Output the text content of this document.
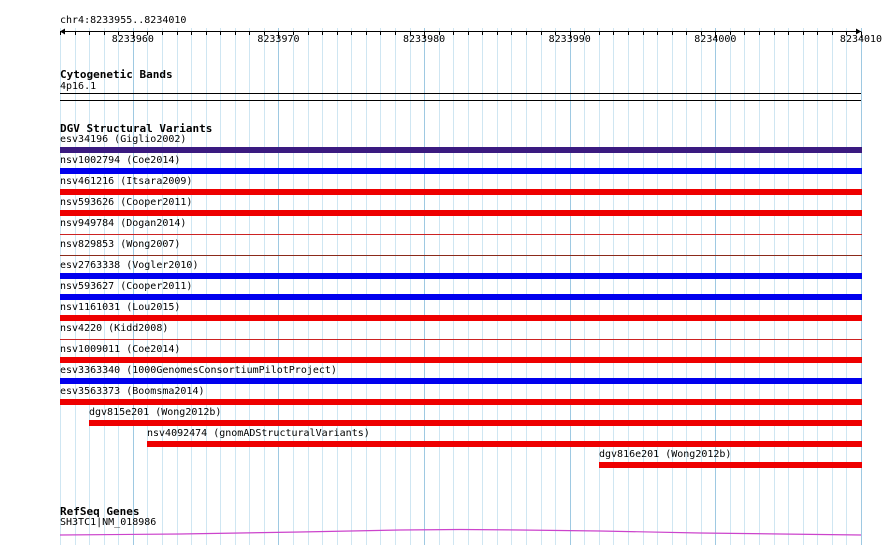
chr4:8233955..8234010
8233960	8233970	8233980	8233990	8234000	8234010
Cytogenetic Bands
4p16.1
DGV Structural Variants
esv34196 (Giglio2002)
nsv1002794 (Coe2014)
nsv461216 (Itsara2009)
nsv593626 (Cooper2011)
nsv949784 (Dogan2014)
nsv829853 (Wong2007)
esv2763338 (Vogler2010)
nsv593627 (Cooper2011)
nsv1161031 (Lou2015)
nsv4220 (Kidd2008)
nsv1009011 (Coe2014)
esv3363340 (1000GenomesConsortiumPilotProject)
esv3563373 (Boomsma2014)
dgv815e201 (Wong2012b)
nsv4092474 (gnomADStructuralVariants)
dgv816e201 (Wong2012b)
RefSeq Genes
SH3TC1|NM_018986
